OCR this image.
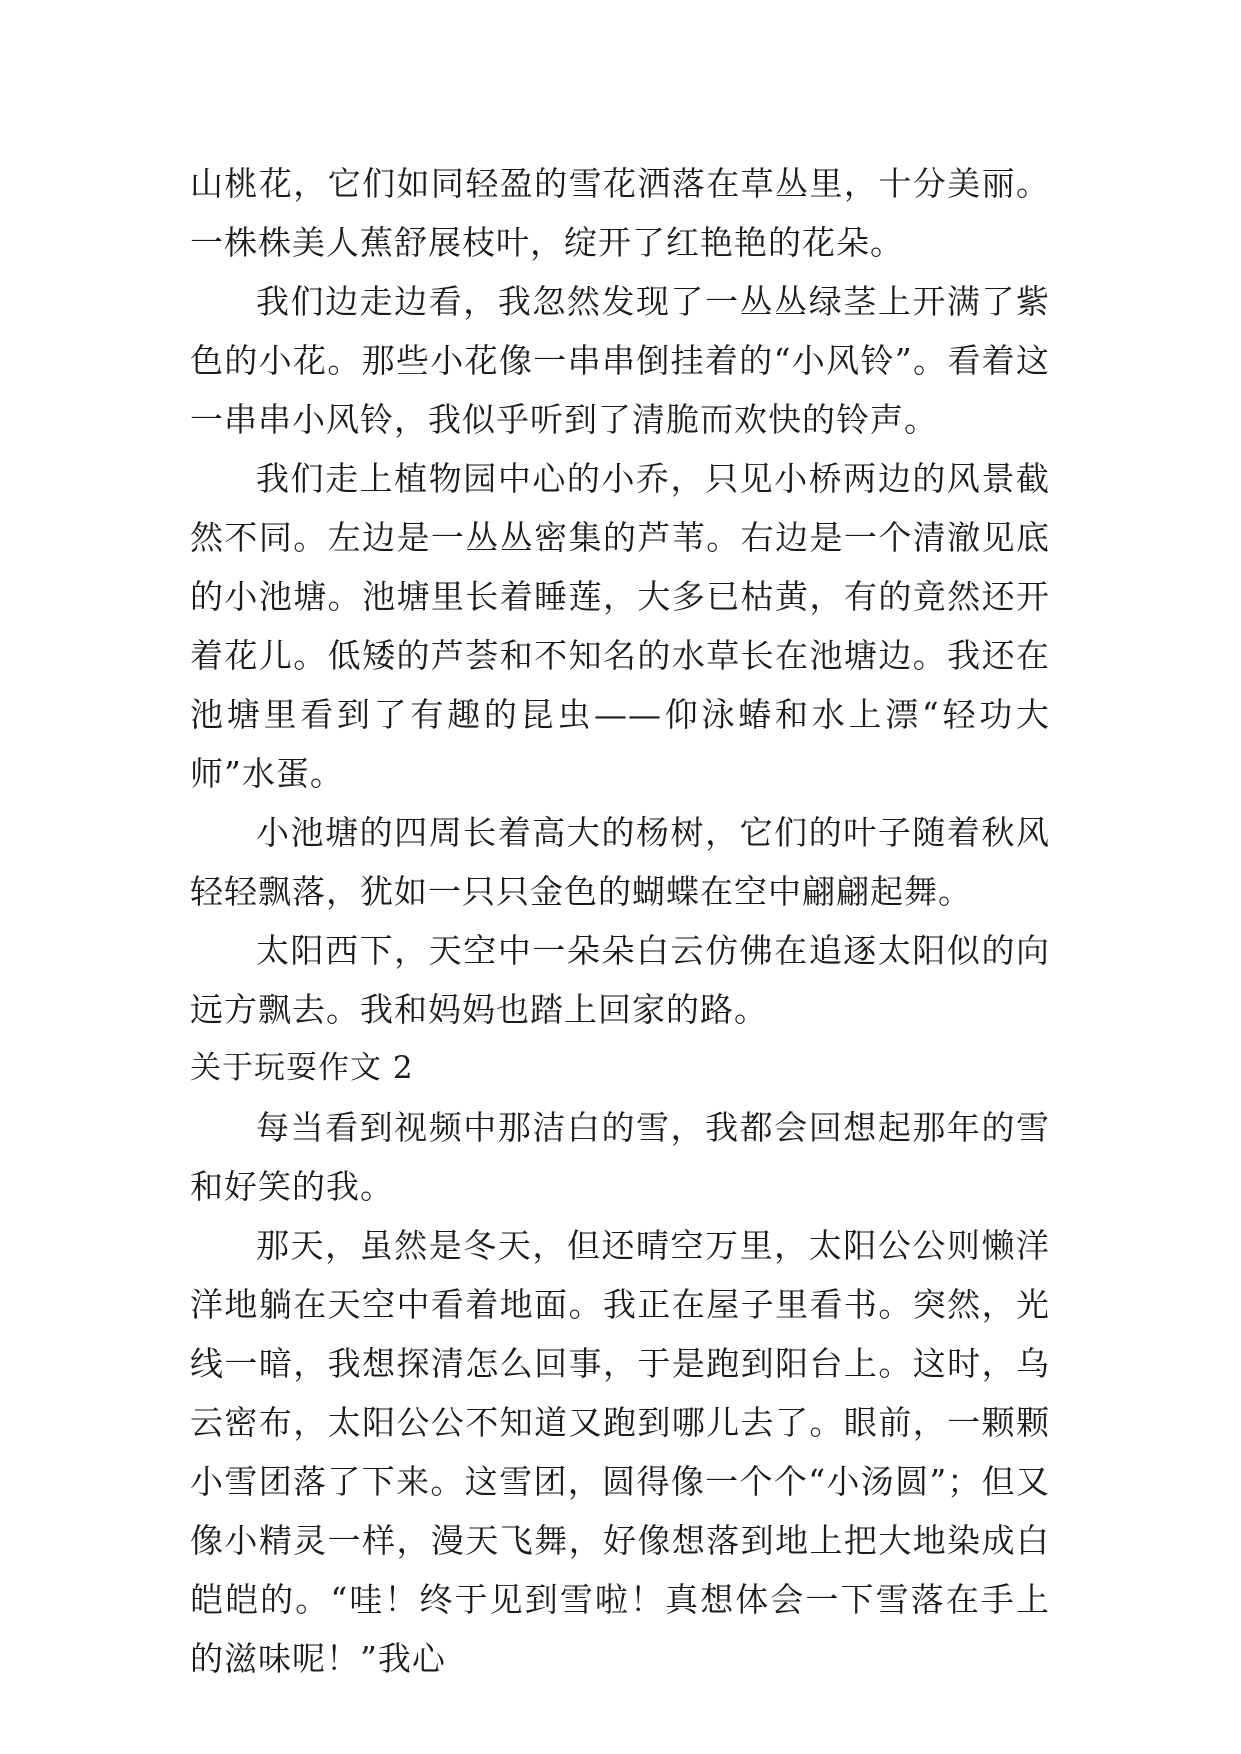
山桃花，它们如同轻盈的雪花洒落在草丛里，十分美丽。一株株美人蕉舒展枝叶，绽开了红艳艳的花朵。

我们边走边看，我忽然发现了一丛丛绿茎上开满了紫色的小花。那些小花像一串串倒挂着的“小风铃”。看着这一串串小风铃，我似乎听到了清脆而欢快的铃声。

我们走上植物园中心的小乔，只见小桥两边的风景截然不同。左边是一丛丛密集的芦苇。右边是一个清澈见底的小池塘。池塘里长着睡莲，大多已枯黄，有的竟然还开着花儿。低矮的芦荟和不知名的水草长在池塘边。我还在池塘里看到了有趣的昆虫——仰泳蝽和水上漂“轻功大师”水蛋。

小池塘的四周长着高大的杨树，它们的叶子随着秋风轻轻飘落，犹如一只只金色的蝴蝶在空中翩翩起舞。

太阳西下，天空中一朵朵白云仿佛在追逐太阳似的向远方飘去。我和妈妈也踏上回家的路。

关于玩耍作文 2

每当看到视频中那洁白的雪，我都会回想起那年的雪和好笑的我。

那天，虽然是冬天，但还晴空万里，太阳公公则懒洋洋地躺在天空中看着地面。我正在屋子里看书。突然，光线一暗，我想探清怎么回事，于是跑到阳台上。这时，乌云密布，太阳公公不知道又跑到哪儿去了。眼前，一颗颗小雪团落了下来。这雪团，圆得像一个个“小汤圆”；但又像小精灵一样，漫天飞舞，好像想落到地上把大地染成白皑皑的。“哇！终于见到雪啦！真想体会一下雪落在手上的滋味呢！”我心
